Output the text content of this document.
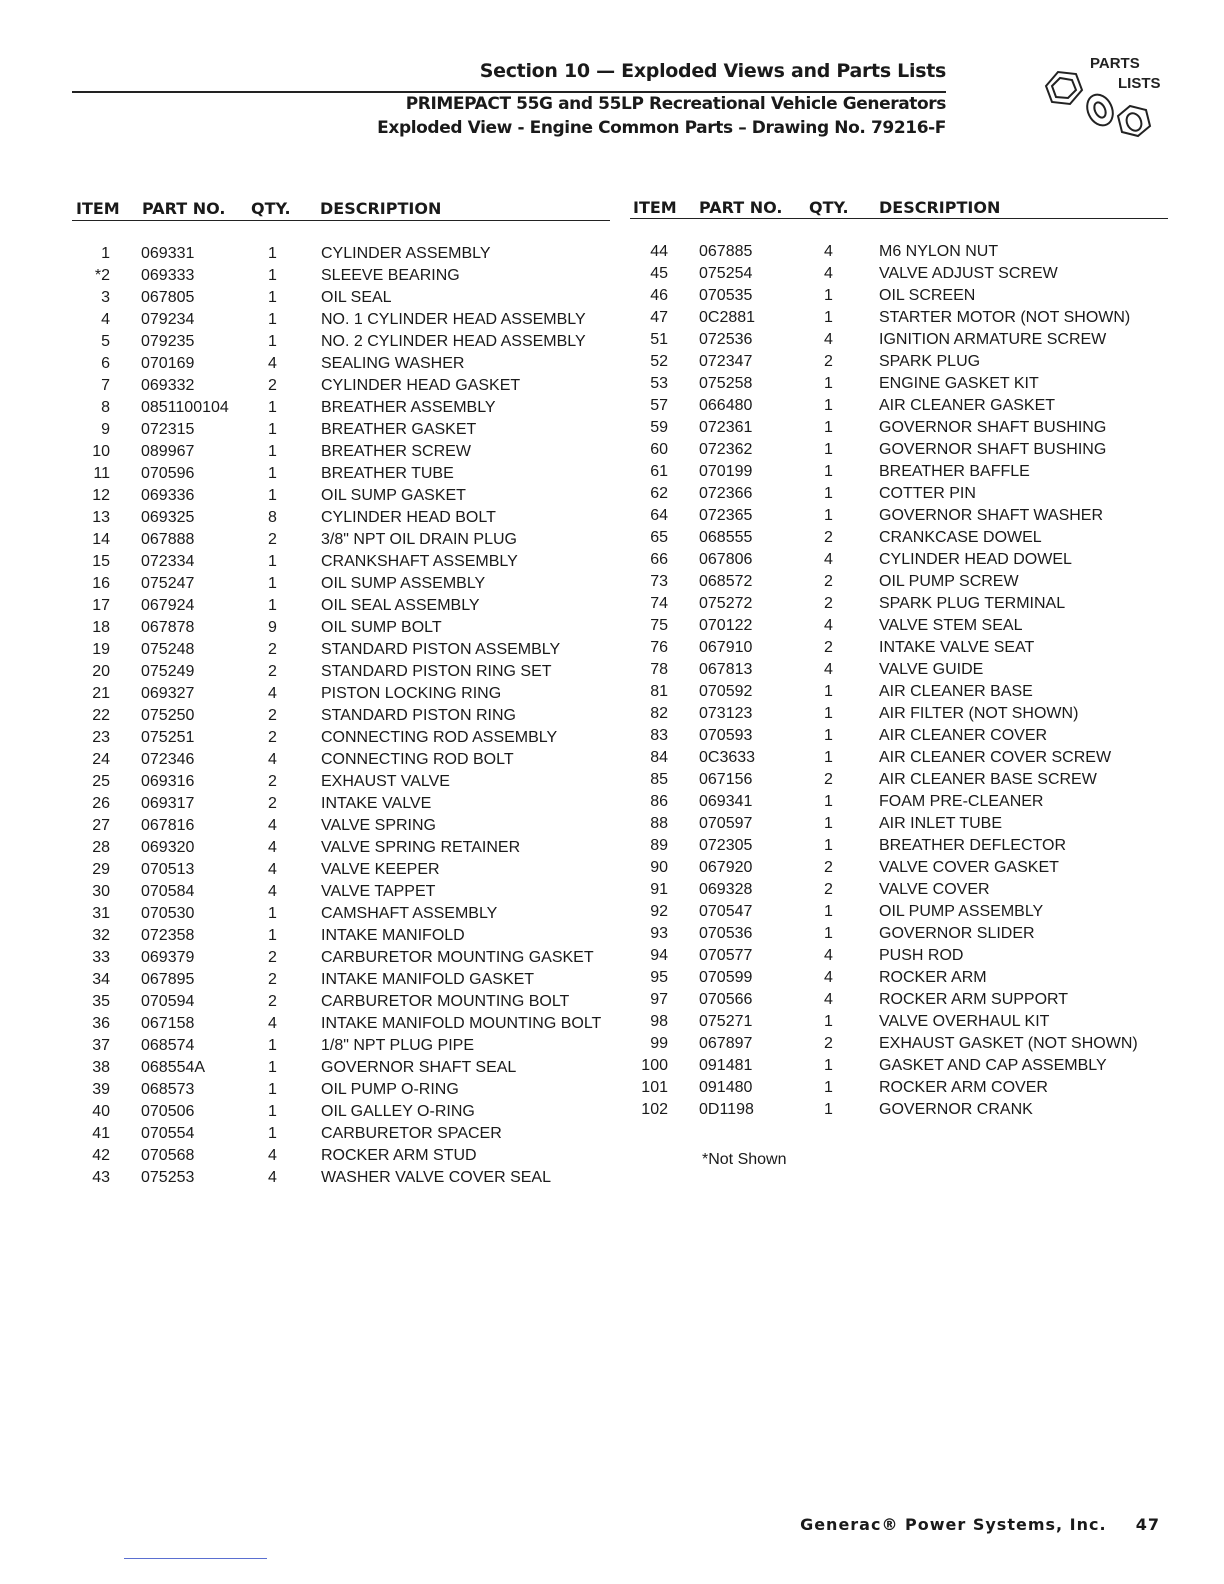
Section 10 — Exploded Views and Parts Lists
PRIMEPACT 55G and 55LP Recreational Vehicle Generators
Exploded View - Engine Common Parts – Drawing No. 79216-F
PARTS
LISTS
ITEM PART NO. QTY. DESCRIPTION	ITEM PART NO. QTY. DESCRIPTION
1 069331	1	CYLINDER ASSEMBLY
*2 069333	1	SLEEVE BEARING
3 067805	1	OIL SEAL
4 079234	1	NO. 1 CYLINDER HEAD ASSEMBLY
5 079235	1	NO. 2 CYLINDER HEAD ASSEMBLY
6 070169	4	SEALING WASHER
7 069332	2	CYLINDER HEAD GASKET
8 0851100104 1	BREATHER ASSEMBLY
9 072315	1	BREATHER GASKET
10 089967	1	BREATHER SCREW
11 070596	1	BREATHER TUBE
12 069336	1	OIL SUMP GASKET
13 069325	8	CYLINDER HEAD BOLT
14 067888	2	3/8" NPT OIL DRAIN PLUG
15 072334	1	CRANKSHAFT ASSEMBLY
16 075247	1	OIL SUMP ASSEMBLY
17 067924	1	OIL SEAL ASSEMBLY
18 067878	9	OIL SUMP BOLT
19 075248	2	STANDARD PISTON ASSEMBLY
20 075249	2	STANDARD PISTON RING SET
21 069327	4	PISTON LOCKING RING
22 075250	2	STANDARD PISTON RING
23 075251	2	CONNECTING ROD ASSEMBLY
24 072346	4	CONNECTING ROD BOLT
25 069316	2	EXHAUST VALVE
26 069317	2	INTAKE VALVE
27 067816	4	VALVE SPRING
28 069320	4	VALVE SPRING RETAINER
29 070513	4	VALVE KEEPER
30 070584	4	VALVE TAPPET
31 070530	1	CAMSHAFT ASSEMBLY
32 072358	1	INTAKE MANIFOLD
33 069379	2	CARBURETOR MOUNTING GASKET
34 067895	2	INTAKE MANIFOLD GASKET
35 070594	2	CARBURETOR MOUNTING BOLT
36 067158	4	INTAKE MANIFOLD MOUNTING BOLT
37 068574	1	1/8" NPT PLUG PIPE
38 068554A	1	GOVERNOR SHAFT SEAL
39 068573	1	OIL PUMP O-RING
40 070506	1	OIL GALLEY O-RING
41 070554	1	CARBURETOR SPACER
42 070568	4	ROCKER ARM STUD
43 075253	4	WASHER VALVE COVER SEAL
44 067885	4	M6 NYLON NUT
45 075254	4	VALVE ADJUST SCREW
46 070535	1	OIL SCREEN
47 0C2881	1	STARTER MOTOR (NOT SHOWN)
51 072536	4	IGNITION ARMATURE SCREW
52 072347	2	SPARK PLUG
53 075258	1	ENGINE GASKET KIT
57 066480	1	AIR CLEANER GASKET
59 072361	1	GOVERNOR SHAFT BUSHING
60 072362	1	GOVERNOR SHAFT BUSHING
61 070199	1	BREATHER BAFFLE
62 072366	1	COTTER PIN
64 072365	1	GOVERNOR SHAFT WASHER
65 068555	2	CRANKCASE DOWEL
66 067806	4	CYLINDER HEAD DOWEL
73 068572	2	OIL PUMP SCREW
74 075272	2	SPARK PLUG TERMINAL
75 070122	4	VALVE STEM SEAL
76 067910	2	INTAKE VALVE SEAT
78 067813	4	VALVE GUIDE
81 070592	1	AIR CLEANER BASE
82 073123	1	AIR FILTER (NOT SHOWN)
83 070593	1	AIR CLEANER COVER
84 0C3633	1	AIR CLEANER COVER SCREW
85 067156	2	AIR CLEANER BASE SCREW
86 069341	1	FOAM PRE-CLEANER
88 070597	1	AIR INLET TUBE
89 072305	1	BREATHER DEFLECTOR
90 067920	2	VALVE COVER GASKET
91 069328	2	VALVE COVER
92 070547	1	OIL PUMP ASSEMBLY
93 070536	1	GOVERNOR SLIDER
94 070577	4	PUSH ROD
95 070599	4	ROCKER ARM
97 070566	4	ROCKER ARM SUPPORT
98 075271	1	VALVE OVERHAUL KIT
99 067897	2	EXHAUST GASKET (NOT SHOWN)
100 091481	1	GASKET AND CAP ASSEMBLY
101 091480	1	ROCKER ARM COVER
102 0D1198	1	GOVERNOR CRANK
*Not Shown
Generac® Power Systems, Inc. 47
